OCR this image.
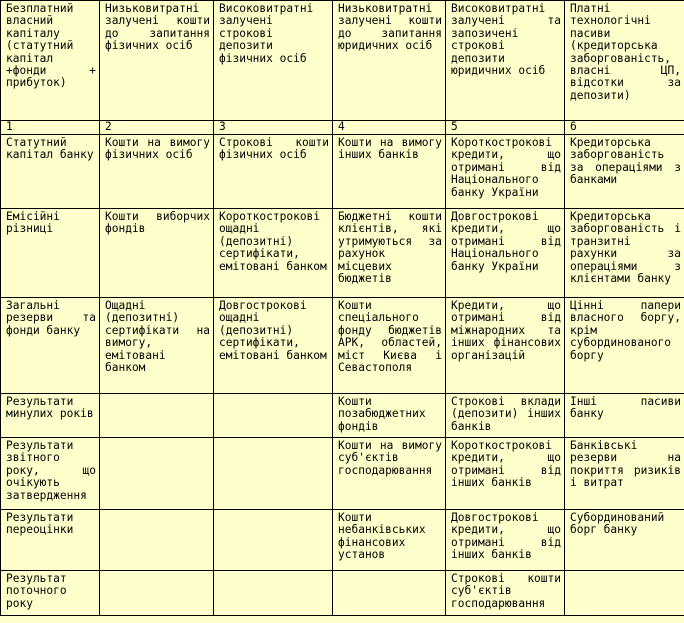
Безплатний власний капіталу (статутний капітал +фонди + прибуток)	Низьковитратні залучені кошти до запитання фізичних осіб	Високовитратні залучені строкові депозити фізичних осіб	Низьковитратні залучені кошти до запитання юридичних осіб	Високовитратні залучені та запозичені строкові депозити юридичних осіб	Платні технологічні пасиви (кредиторська заборгованість, власні ЦП, відсотки за депозити)
1	2	3	4	5	6
Статутний капітал банку	Кошти на вимогу фізичних осіб	Строкові кошти фізичних осіб	Кошти на вимогу інших банків	Короткострокові кредити, що отримані від Національного банку України	Кредиторська заборгованість за операціями з банками
Емісійні різниці	Кошти виборчих фондів	Короткострокові ощадні (депозитні) сертифікати, емітовані банком	Бюджетні кошти клієнтів, які утримуються за рахунок місцевих бюджетів	Довгострокові кредити, що отримані від Національного банку України	Кредиторська заборгованість і транзитні рахунки за операціями з клієнтами банку
Загальні резерви та фонди банку	Ощадні (депозитні) сертифікати на вимогу, емітовані банком	Довгострокові ощадні (депозитні) сертифікати, емітовані банком	Кошти спеціального фонду бюджетів АРК, областей, міст Києва і Севастополя	Кредити, що отримані від міжнародних та інших фінансових організацій	Цінні папери власного боргу, крім субординованого боргу
Результати минулих років			Кошти позабюджетних фондів	Строкові вклади (депозити) інших банків	Інші пасиви банку
Результати звітного року, що очікують затвердження			Кошти на вимогу суб'єктів господарювання	Короткострокові кредити, що отримані від інших банків	Банківські резерви на покриття ризиків і витрат
Результати переоцінки			Кошти небанківських фінансових установ	Довгострокові кредити, що отримані від інших банків	Субординований борг банку
Результат поточного року				Строкові кошти суб'єктів господарювання	
